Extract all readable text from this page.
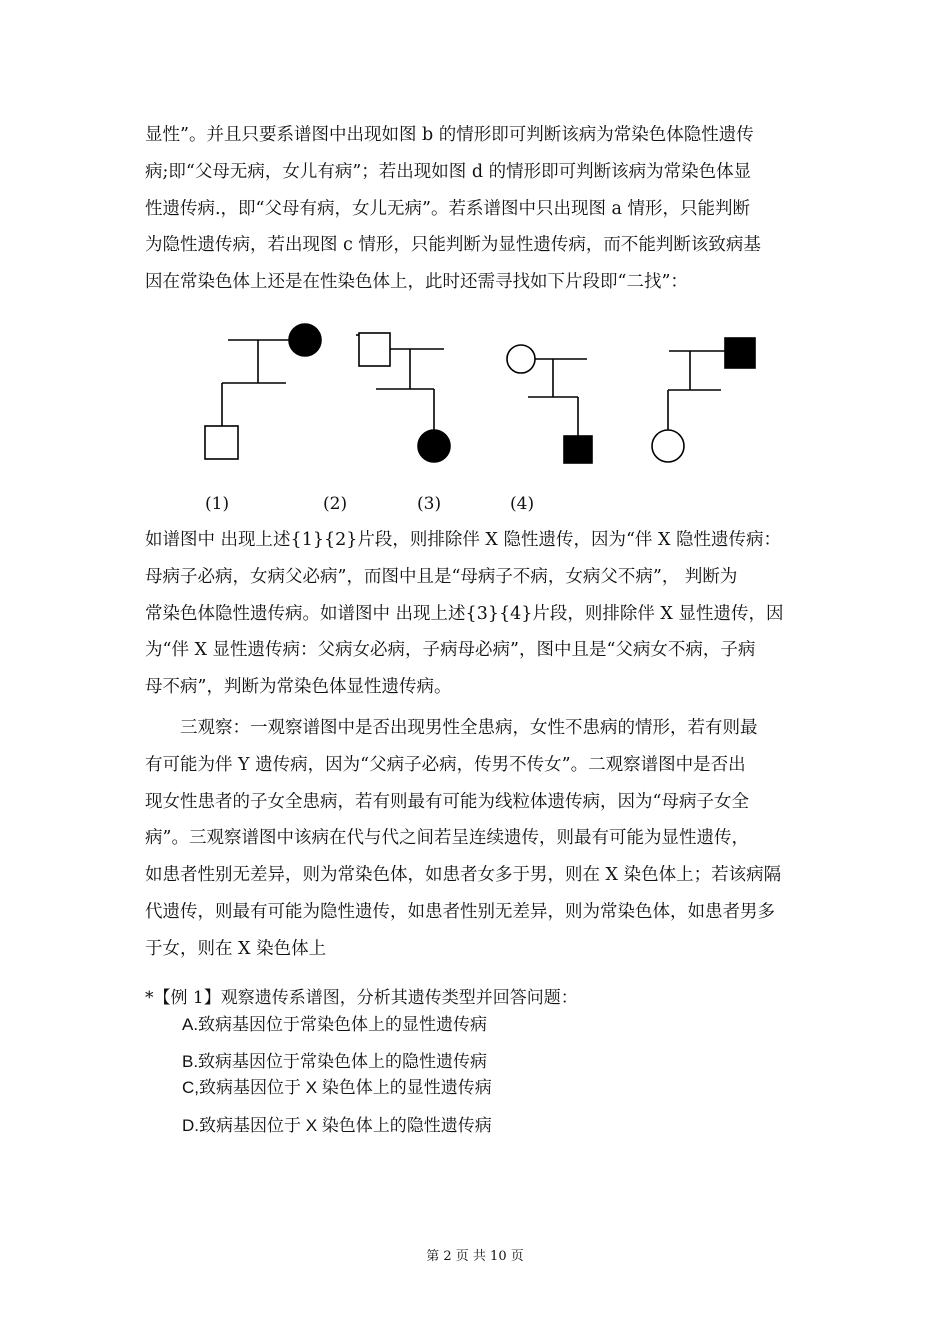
显性”。并且只要系谱图中出现如图 b 的情形即可判断该病为常染色体隐性遗传
病;即“父母无病，女儿有病”；若出现如图 d 的情形即可判断该病为常染色体显
性遗传病.，即“父母有病，女儿无病”。若系谱图中只出现图 a 情形，只能判断
为隐性遗传病，若出现图 c 情形，只能判断为显性遗传病，而不能判断该致病基
因在常染色体上还是在性染色体上，此时还需寻找如下片段即“二找”：

(1)	(2)	(3)	(4)

如谱图中 出现上述{1}{2}片段，则排除伴 X 隐性遗传，因为“伴 X 隐性遗传病：
母病子必病，女病父必病”，而图中且是“母病子不病，女病父不病”， 判断为
常染色体隐性遗传病。如谱图中 出现上述{3}{4}片段，则排除伴 X 显性遗传，因
为“伴 X 显性遗传病：父病女必病，子病母必病”，图中且是“父病女不病，子病
母不病”，判断为常染色体显性遗传病。

　　三观察：一观察谱图中是否出现男性全患病，女性不患病的情形，若有则最
有可能为伴 Y 遗传病，因为“父病子必病，传男不传女”。二观察谱图中是否出
现女性患者的子女全患病，若有则最有可能为线粒体遗传病，因为“母病子女全
病”。三观察谱图中该病在代与代之间若呈连续遗传，则最有可能为显性遗传，
如患者性别无差异，则为常染色体，如患者女多于男，则在 X 染色体上；若该病隔
代遗传，则最有可能为隐性遗传，如患者性别无差异，则为常染色体，如患者男多
于女，则在 X 染色体上

*【例 1】观察遗传系谱图，分析其遗传类型并回答问题：
A.致病基因位于常染色体上的显性遗传病
B.致病基因位于常染色体上的隐性遗传病
C,致病基因位于 X 染色体上的显性遗传病
D.致病基因位于 X 染色体上的隐性遗传病
第 2 页 共 10 页
